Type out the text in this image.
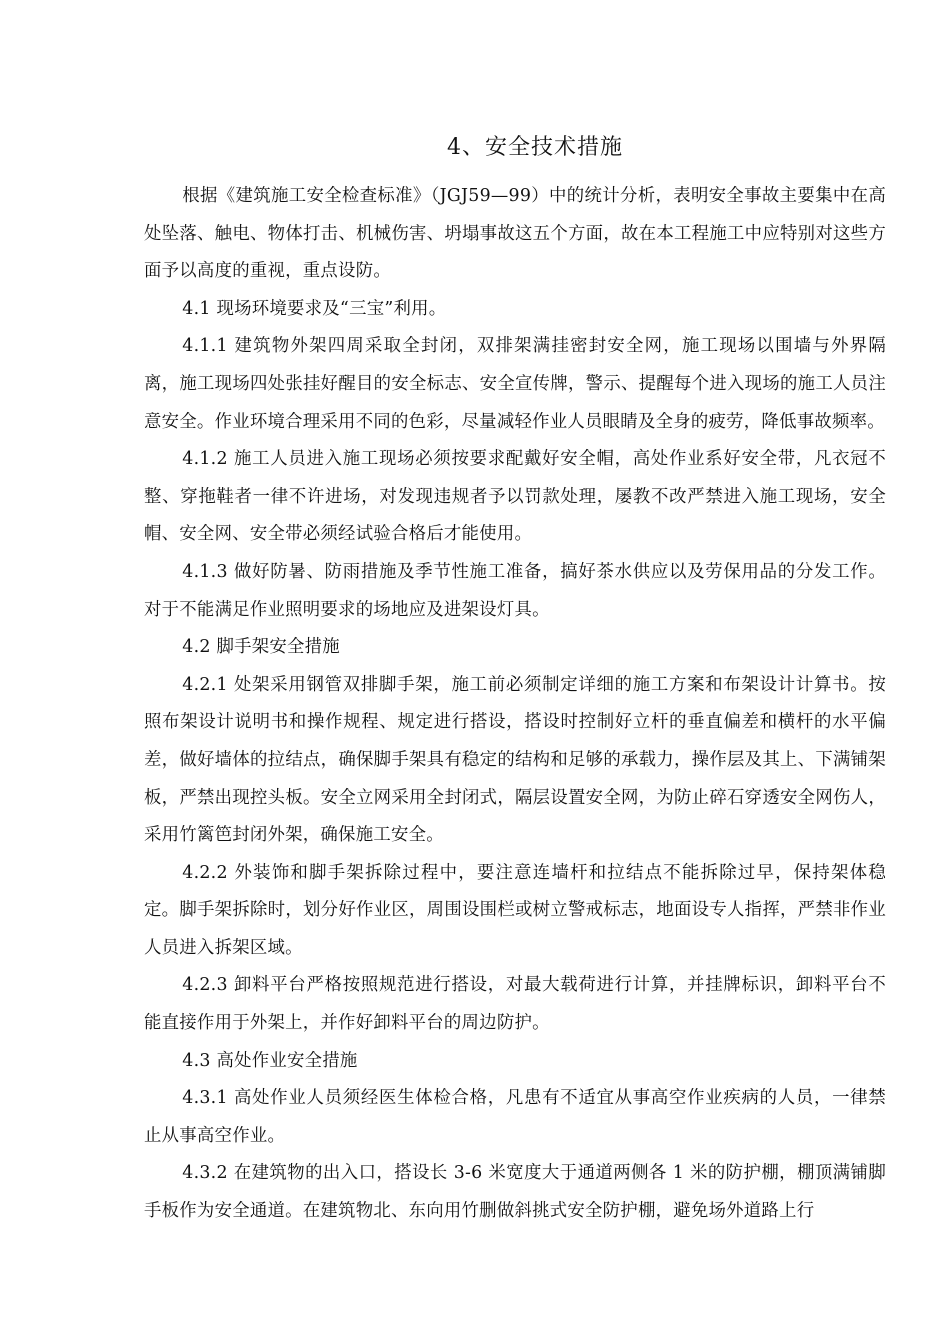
4、安全技术措施

根据《建筑施工安全检查标准》（JGJ59—99）中的统计分析，表明安全事故主要集中在高处坠落、触电、物体打击、机械伤害、坍塌事故这五个方面，故在本工程施工中应特别对这些方面予以高度的重视，重点设防。

4.1 现场环境要求及“三宝”利用。

4.1.1 建筑物外架四周采取全封闭，双排架满挂密封安全网，施工现场以围墙与外界隔离，施工现场四处张挂好醒目的安全标志、安全宣传牌，警示、提醒每个进入现场的施工人员注意安全。作业环境合理采用不同的色彩，尽量减轻作业人员眼睛及全身的疲劳，降低事故频率。

4.1.2 施工人员进入施工现场必须按要求配戴好安全帽，高处作业系好安全带，凡衣冠不整、穿拖鞋者一律不许进场，对发现违规者予以罚款处理，屡教不改严禁进入施工现场，安全帽、安全网、安全带必须经试验合格后才能使用。

4.1.3 做好防暑、防雨措施及季节性施工准备，搞好茶水供应以及劳保用品的分发工作。对于不能满足作业照明要求的场地应及进架设灯具。

4.2 脚手架安全措施

4.2.1 处架采用钢管双排脚手架，施工前必须制定详细的施工方案和布架设计计算书。按照布架设计说明书和操作规程、规定进行搭设，搭设时控制好立杆的垂直偏差和横杆的水平偏差，做好墙体的拉结点，确保脚手架具有稳定的结构和足够的承载力，操作层及其上、下满铺架板，严禁出现控头板。安全立网采用全封闭式，隔层设置安全网，为防止碎石穿透安全网伤人，采用竹篱笆封闭外架，确保施工安全。

4.2.2 外装饰和脚手架拆除过程中，要注意连墙杆和拉结点不能拆除过早，保持架体稳定。脚手架拆除时，划分好作业区，周围设围栏或树立警戒标志，地面设专人指挥，严禁非作业人员进入拆架区域。

4.2.3 卸料平台严格按照规范进行搭设，对最大载荷进行计算，并挂牌标识，卸料平台不能直接作用于外架上，并作好卸料平台的周边防护。

4.3 高处作业安全措施

4.3.1 高处作业人员须经医生体检合格，凡患有不适宜从事高空作业疾病的人员，一律禁止从事高空作业。

4.3.2 在建筑物的出入口，搭设长 3-6 米宽度大于通道两侧各 1 米的防护棚，棚顶满铺脚手板作为安全通道。在建筑物北、东向用竹删做斜挑式安全防护棚，避免场外道路上行
